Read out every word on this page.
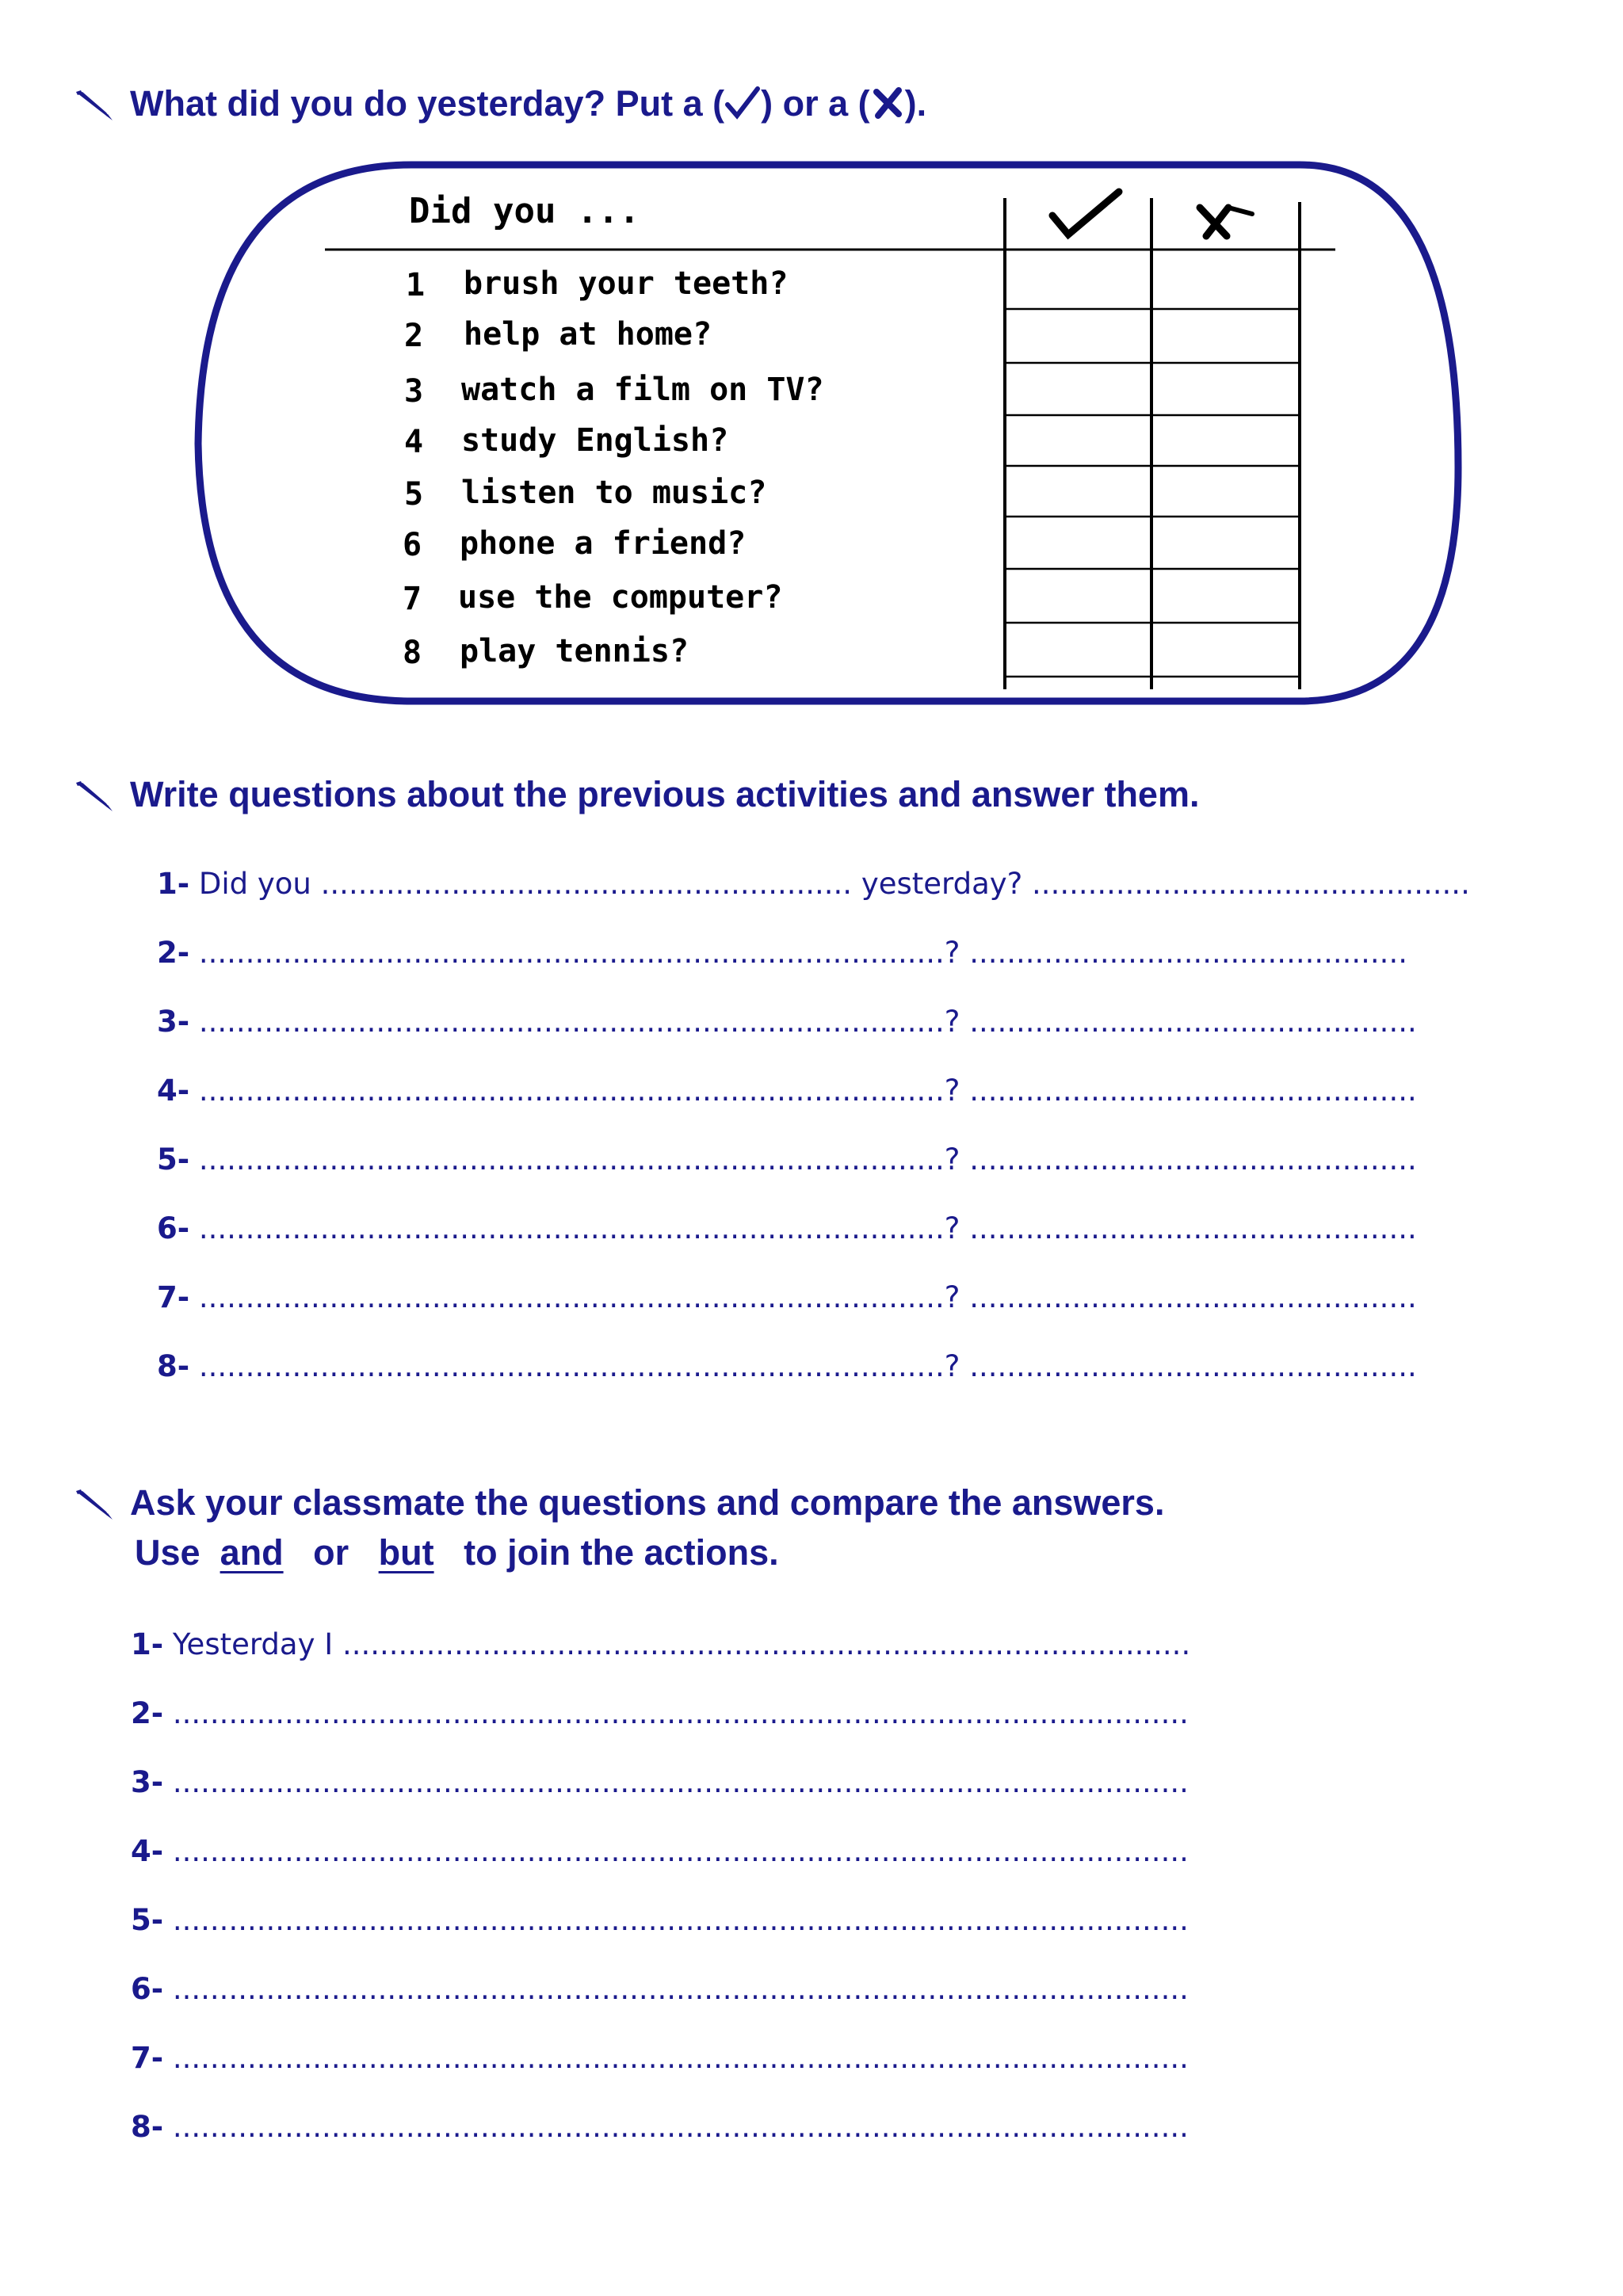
What did you do yesterday? Put a ( ) or a ( ).
Did you ...
1 brush your teeth?
2 help at home?
3 watch a film on TV?
4 study English?
5 listen to music?
6 phone a friend?
7 use the computer?
8 play tennis?
Write questions about the previous activities and answer them.
1- Did you ......................................................... yesterday? ...............................................
2- ................................................................................? ...............................................
3- ................................................................................? ................................................
4- ................................................................................? ................................................
5- ................................................................................? ................................................
6- ................................................................................? ................................................
7- ................................................................................? ................................................
8- ................................................................................? ................................................
Ask your classmate the questions and compare the answers.
Use and or but to join the actions.
1- Yesterday I ...........................................................................................
2- .............................................................................................................
3- .............................................................................................................
4- .............................................................................................................
5- .............................................................................................................
6- .............................................................................................................
7- .............................................................................................................
8- .............................................................................................................
